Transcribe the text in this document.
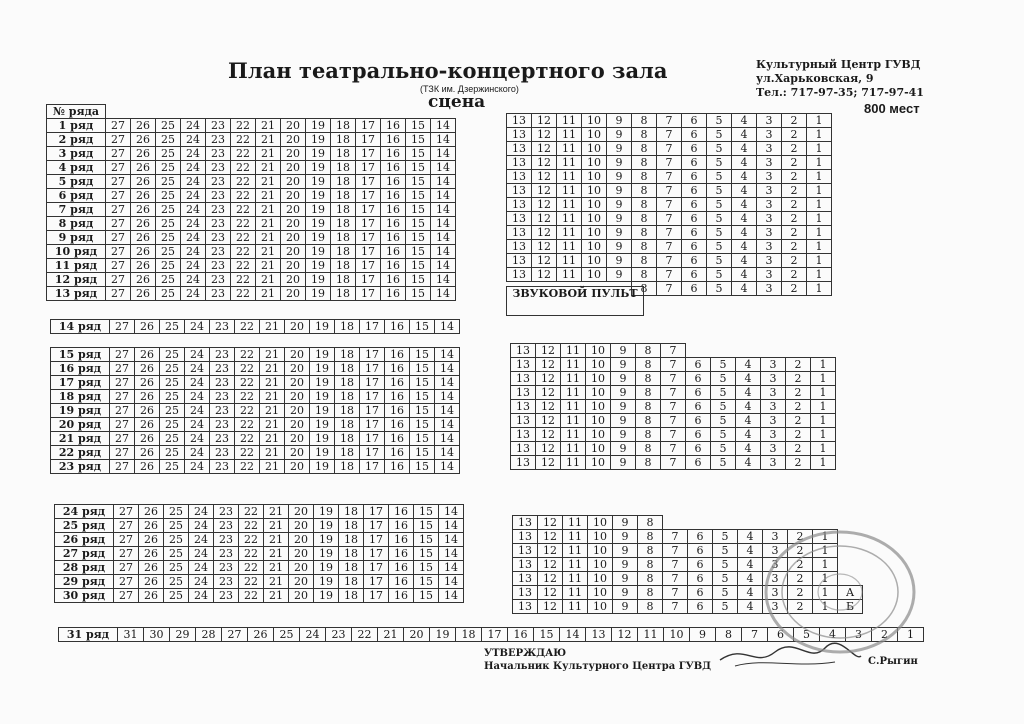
План театрально-концертного зала
(ТЗК им. Дзержинского)
сцена
Культурный Центр ГУВД
ул.Харьковская, 9
Тел.: 717-97-35; 717-97-41
800 мест
№ ряда														
1 ряд	27	26	25	24	23	22	21	20	19	18	17	16	15	14
2 ряд	27	26	25	24	23	22	21	20	19	18	17	16	15	14
3 ряд	27	26	25	24	23	22	21	20	19	18	17	16	15	14
4 ряд	27	26	25	24	23	22	21	20	19	18	17	16	15	14
5 ряд	27	26	25	24	23	22	21	20	19	18	17	16	15	14
6 ряд	27	26	25	24	23	22	21	20	19	18	17	16	15	14
7 ряд	27	26	25	24	23	22	21	20	19	18	17	16	15	14
8 ряд	27	26	25	24	23	22	21	20	19	18	17	16	15	14
9 ряд	27	26	25	24	23	22	21	20	19	18	17	16	15	14
10 ряд	27	26	25	24	23	22	21	20	19	18	17	16	15	14
11 ряд	27	26	25	24	23	22	21	20	19	18	17	16	15	14
12 ряд	27	26	25	24	23	22	21	20	19	18	17	16	15	14
13 ряд	27	26	25	24	23	22	21	20	19	18	17	16	15	14
13	12	11	10	9	8	7	6	5	4	3	2	1
13	12	11	10	9	8	7	6	5	4	3	2	1
13	12	11	10	9	8	7	6	5	4	3	2	1
13	12	11	10	9	8	7	6	5	4	3	2	1
13	12	11	10	9	8	7	6	5	4	3	2	1
13	12	11	10	9	8	7	6	5	4	3	2	1
13	12	11	10	9	8	7	6	5	4	3	2	1
13	12	11	10	9	8	7	6	5	4	3	2	1
13	12	11	10	9	8	7	6	5	4	3	2	1
13	12	11	10	9	8	7	6	5	4	3	2	1
13	12	11	10	9	8	7	6	5	4	3	2	1
13	12	11	10	9	8	7	6	5	4	3	2	1
					8	7	6	5	4	3	2	1
ЗВУКОВОЙ ПУЛЬТ
14 ряд	27	26	25	24	23	22	21	20	19	18	17	16	15	14
15 ряд	27	26	25	24	23	22	21	20	19	18	17	16	15	14
16 ряд	27	26	25	24	23	22	21	20	19	18	17	16	15	14
17 ряд	27	26	25	24	23	22	21	20	19	18	17	16	15	14
18 ряд	27	26	25	24	23	22	21	20	19	18	17	16	15	14
19 ряд	27	26	25	24	23	22	21	20	19	18	17	16	15	14
20 ряд	27	26	25	24	23	22	21	20	19	18	17	16	15	14
21 ряд	27	26	25	24	23	22	21	20	19	18	17	16	15	14
22 ряд	27	26	25	24	23	22	21	20	19	18	17	16	15	14
23 ряд	27	26	25	24	23	22	21	20	19	18	17	16	15	14
13	12	11	10	9	8	7						
13	12	11	10	9	8	7	6	5	4	3	2	1
13	12	11	10	9	8	7	6	5	4	3	2	1
13	12	11	10	9	8	7	6	5	4	3	2	1
13	12	11	10	9	8	7	6	5	4	3	2	1
13	12	11	10	9	8	7	6	5	4	3	2	1
13	12	11	10	9	8	7	6	5	4	3	2	1
13	12	11	10	9	8	7	6	5	4	3	2	1
13	12	11	10	9	8	7	6	5	4	3	2	1
24 ряд	27	26	25	24	23	22	21	20	19	18	17	16	15	14
25 ряд	27	26	25	24	23	22	21	20	19	18	17	16	15	14
26 ряд	27	26	25	24	23	22	21	20	19	18	17	16	15	14
27 ряд	27	26	25	24	23	22	21	20	19	18	17	16	15	14
28 ряд	27	26	25	24	23	22	21	20	19	18	17	16	15	14
29 ряд	27	26	25	24	23	22	21	20	19	18	17	16	15	14
30 ряд	27	26	25	24	23	22	21	20	19	18	17	16	15	14
13	12	11	10	9	8								
13	12	11	10	9	8	7	6	5	4	3	2	1	
13	12	11	10	9	8	7	6	5	4	3	2	1	
13	12	11	10	9	8	7	6	5	4	3	2	1	
13	12	11	10	9	8	7	6	5	4	3	2	1	
13	12	11	10	9	8	7	6	5	4	3	2	1	А
13	12	11	10	9	8	7	6	5	4	3	2	1	Б
31 ряд	31	30	29	28	27	26	25	24	23	22	21	20	19	18	17	16	15	14	13	12	11	10	9	8	7	6	5	4	3	2	1
УТВЕРЖДАЮ
Начальник Культурного Центра ГУВД	С.Рыгин
